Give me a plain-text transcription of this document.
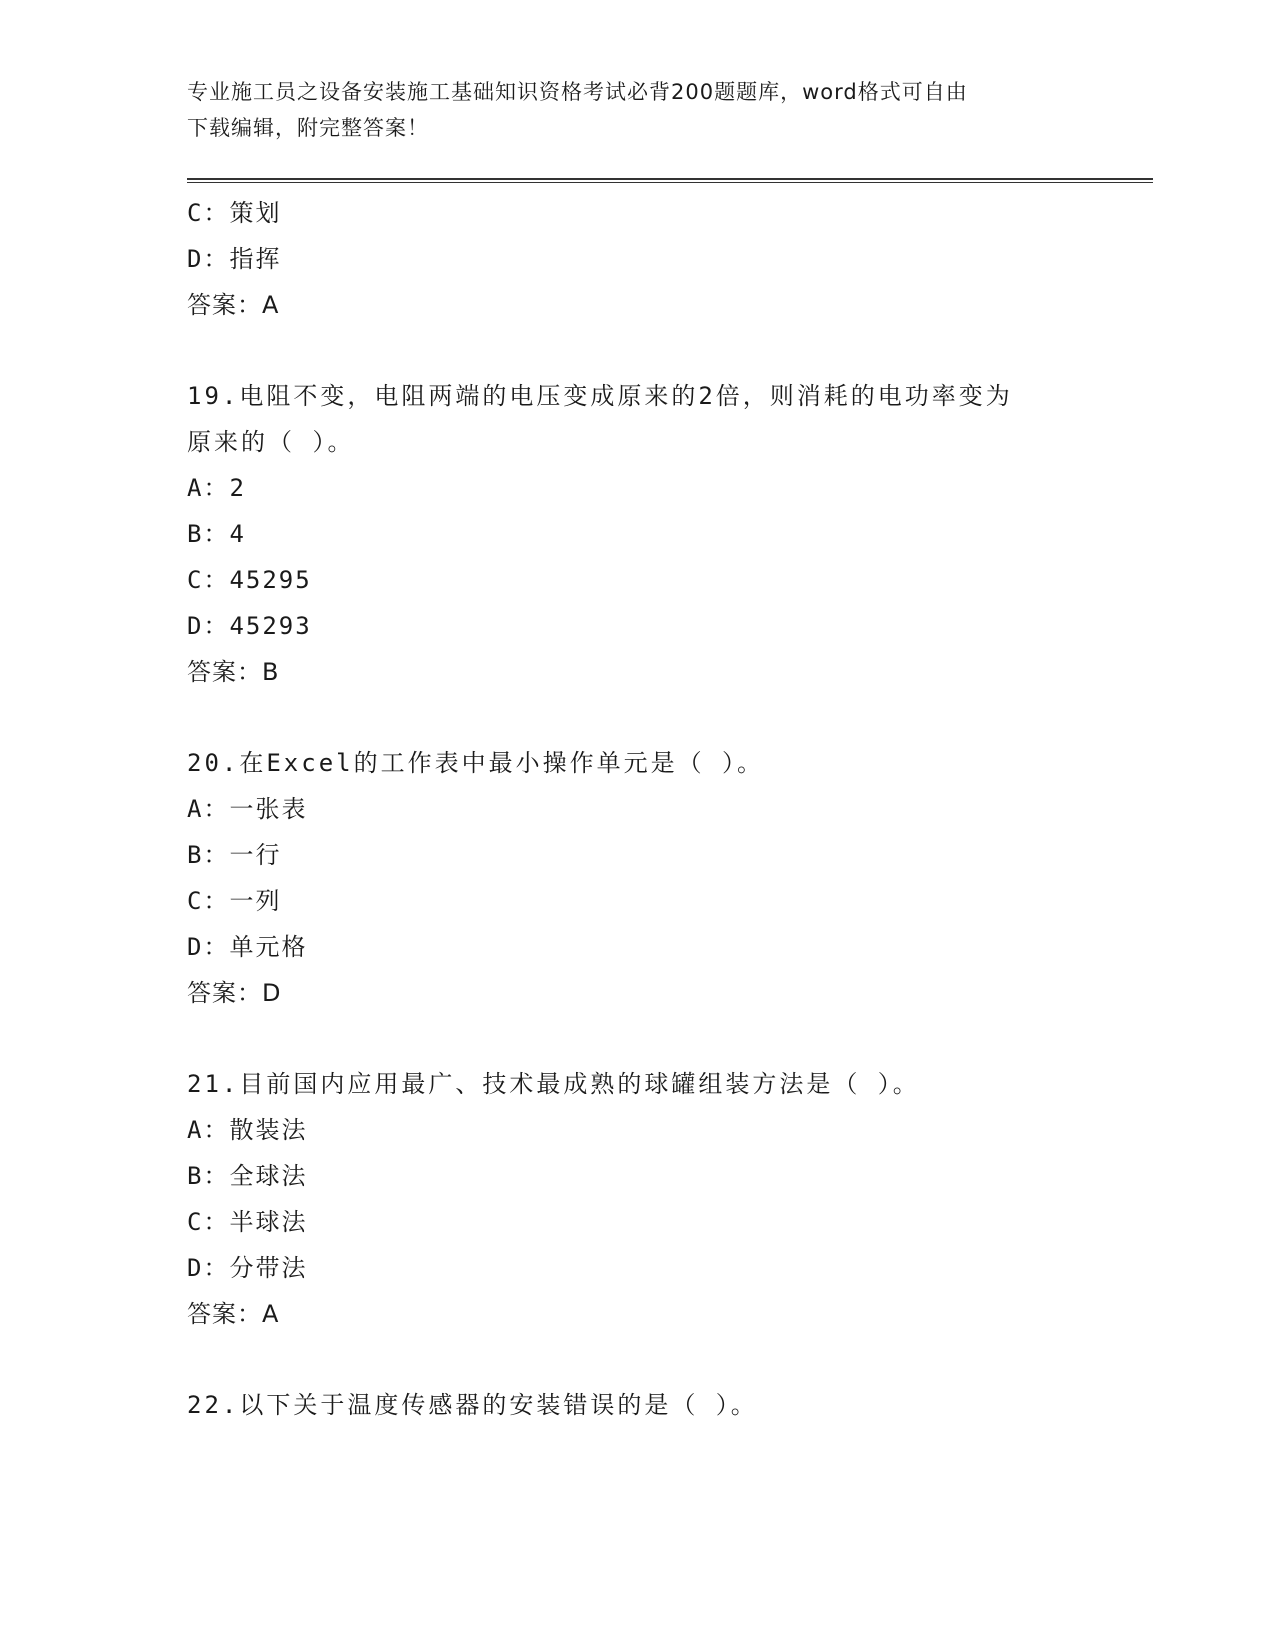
专业施工员之设备安装施工基础知识资格考试必背200题题库，word格式可自由
下载编辑，附完整答案！
C：策划
D：指挥
答案：A
19.电阻不变，电阻两端的电压变成原来的2倍，则消耗的电功率变为
原来的（ ）。
A：2
B：4
C：45295
D：45293
答案：B
20.在Excel的工作表中最小操作单元是（ ）。
A：一张表
B：一行
C：一列
D：单元格
答案：D
21.目前国内应用最广、技术最成熟的球罐组装方法是（ ）。
A：散装法
B：全球法
C：半球法
D：分带法
答案：A
22.以下关于温度传感器的安装错误的是（ ）。
